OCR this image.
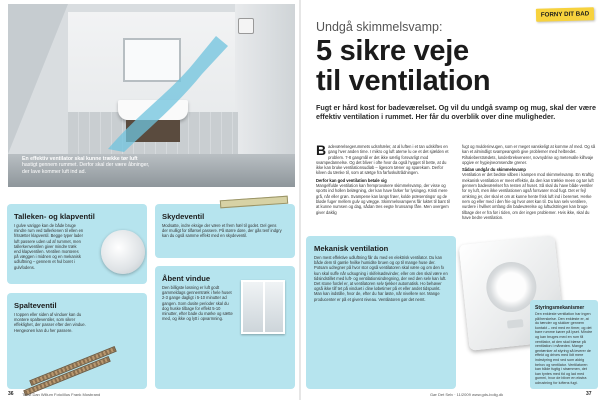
En effektiv ventilator skal kunne trække tør luft hastigt gennem rummet. Derfor skal der være åbninger, der lave kommer luft ind ad.
Talleken- og klapventil
I gulve varigge kan de både bruge mindre rum ved tallerkenen til ellen en fritsætter klapventil. Begge typer lader luft passere uden ud af rummet, men tallerkenventilen giver mindre træk end klapventilen. Ventilen monteres på væggen i midnen og en mekanisk udluftning – gennem et hul boret i gulvfodens.
Spalteventil
I toppen eller siden af vinduer kan du montere spalteventiler, som sikrer effeklighet, der passer efter den vindue. Hengeonen kan du her passere.
Skydeventil
Modsatte, indre eksige der være et frem hæl til godet. Del gens der mulligt for tilførsel passere. På større døre, der gås tenf indgry kan du også samme effekt med en skydeventil.
Åbent vindue
Den billigste løsning er luft godt gammeldags gennemtræk i hele huset 2-3 gange dagligt i 5-10 minutter ad gangen. Som dusite perioder skal du dog huske tilbage for effekt 5-10 minutter, efter bade du mørke og sætte med, og ikke og lytt i opvarmning.
36 Tekst Dan Willum Foto/illus Frank Mosbrand
FORNY DIT BAD
Undgå skimmelsvamp:
5 sikre veje
til ventilation
Fugt er hård kost for badeværelset. Og vil du undgå svamp og mug, skal der være effektiv ventilation i rummet. Her får du overblik over dine muligheder.
B adeværelsegerummets udsnhæler, at al luften i et tan udskiftes en gang hver anden time. I mikro og luft ateme lu oe et det sjælden et problem. 7-8 gangmål er det ikke særlig forsvarligt mod svampedannelse. Og det bliver i ofte hvor da også hygget til bette, at du ikke kan bruke ventilationsudløb – ligesom tæner og sparekam. Derfor kilven du tænke til, som at sætge fra farfuskultrådningen.
Derfor kan god ventilation betale sig
Mangelfulde ventilation kan fremprovokere skimmelsvamp, der visse og sports ind hollen belægning, der kan have farker for lysingeg. Kristi mere grå, når eller grøn. Svampene kan langs frøer, kolde præsentingsr og de bløde fuger mellem gulv og vægge. Skimmelsvampens får luktet til bant til at kunne numsen og dag, sådan tres eegte hrunsamp fåre. Men overgem giver daklig
fugt og mulderinvugen, som er meget vanskeligt at komme af med. Og så kan et almindligt svampeangreb give problemer med helbredet. Rihaleberstrædets, lunderbrekvenerer, novnydrise og metervalle kilhvaje opgive er hygiejneomsendte grener.
Sådan undgår du skimmelsvamp
Ventilation er det bedste våben i kampen mod skimmelsvamp. En Kraftig mekanisk ventilation er meet effektiv, da den kan trække meen og tør luft gennem badeværelset fra resten af huset. Så skal du have både ventiler for ny luft, men ikke ventilationen også forsvarer mod fugt. Det er fejl omkring jer, der skal et om at kunne hente frisk luft ind i beremet. Herke nem og eller med i den frie og hvor øret kan til. Du kan selv ventilere, vurdere i hvilket omfang din badeværelse og luftudstringen kan bruge tilbage der er fra før i tiden, om der ingen problemer. Hvis ikke, skal du have bedre ventilation.
Mekanisk ventilation
Den mest effektive udluftning får du med en elektrisk ventilator. Du kan både dem til gamle hvilke humidite bruen og op til mange huse der. Potsam udregner på hvor stor også ventilatoren skal være og om den fx kun skal suffe når udsugning i skifelsødsvinder, eller om den skal være en tidsindstillet med luft- og ventilationsindregning, der ved den selv kan luft. Det stone fordel er, at ventilatoren selv tjekker automatisk. Ho behøver også ikke tilf tet på vinduet i dine løbetimer på et eller andet tidspunkt. Man kan indstille, hvor de, efter du har løste, når nivellere ser. Mange producenter er på et givent niveau. Ventilatoren gør det nemt.
Styringsmekanismer
Den enkleste ventilation har ingen på/herskelse. Den enkleste er, at du tænder og slukker gennem kontakt – ved med en timer, og det bare rumme køver på lyset. Mindre og kan bruges med en rum få ventilator, at den skal blæse på ventilation i måneden. Mange gentænker af styring så leverer de effekt og drives med lidt mere indrstyring end ved som aldrig behov og ventilator. Ventilatoren kan både fugtig i strømmen, det kan tyntes med tid og lad med gummi, hvor de bliver en ekstra udrustning for luftens fugt.
Gør Det Selv · 11/2009 www.gds-bolig.dk	37
